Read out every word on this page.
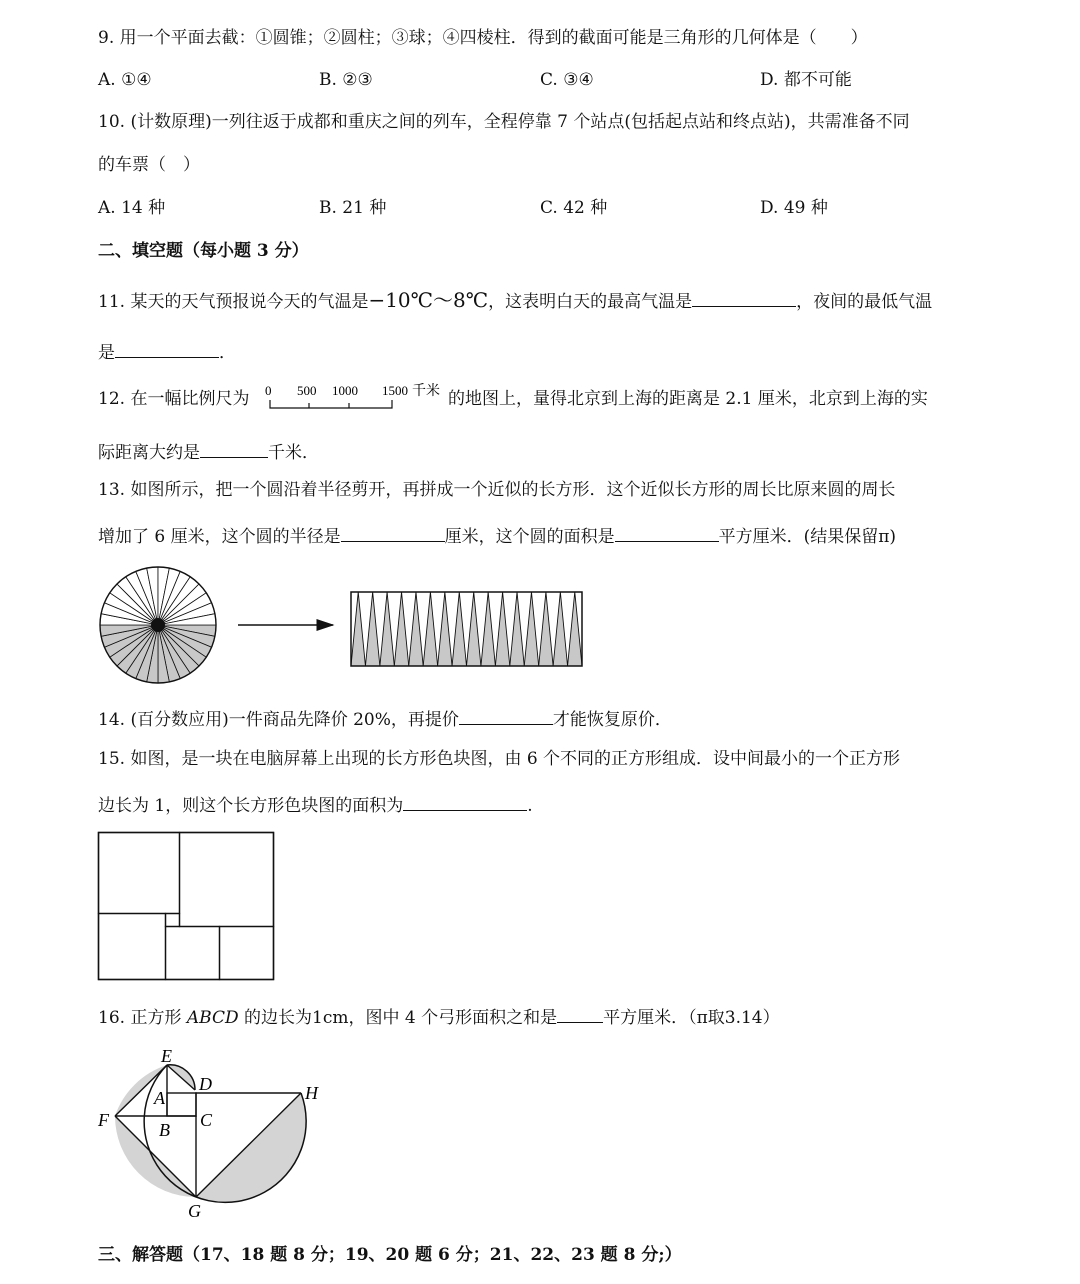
9. 用一个平面去截：①圆锥；②圆柱；③球；④四棱柱．得到的截面可能是三角形的几何体是（　　）
A. ①④	B. ②③	C. ③④	D. 都不可能
10. (计数原理)一列往返于成都和重庆之间的列车，全程停靠 7 个站点(包括起点站和终点站)，共需准备不同
的车票（　）
A. 14 种	B. 21 种	C. 42 种	D. 49 种
二、填空题（每小题 3 分）
11. 某天的天气预报说今天的气温是−10℃～8℃，这表明白天的最高气温是	，夜间的最低气温
是	．
12. 在一幅比例尺为 0 500 1000 1500 千米 的地图上，量得北京到上海的距离是 2.1 厘米，北京到上海的实
际距离大约是	千米．
13. 如图所示，把一个圆沿着半径剪开，再拼成一个近似的长方形．这个近似长方形的周长比原来圆的周长
增加了 6 厘米，这个圆的半径是	厘米，这个圆的面积是	平方厘米．(结果保留π)
14. (百分数应用)一件商品先降价 20%，再提价	才能恢复原价．
15. 如图，是一块在电脑屏幕上出现的长方形色块图，由 6 个不同的正方形组成．设中间最小的一个正方形
边长为 1，则这个长方形色块图的面积为	.
16. 正方形 ABCD 的边长为1cm，图中 4 个弓形面积之和是	平方厘米．（π取3.14）
E
D
A	H
F	C
B
G
三、解答题（17、18 题 8 分；19、20 题 6 分；21、22、23 题 8 分;）
